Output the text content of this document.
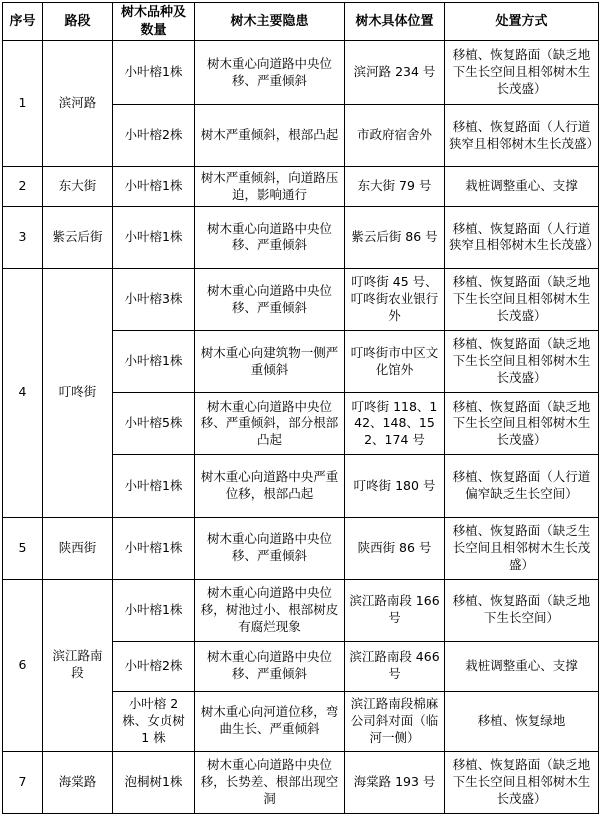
序号	路段	树木品种及数量	树木主要隐患	树木具体位置	处置方式
1	滨河路	小叶榕1株	树木重心向道路中央位移、严重倾斜	滨河路 234 号	移植、恢复路面（缺乏地下生长空间且相邻树木生长茂盛）
		小叶榕2株	树木严重倾斜，根部凸起	市政府宿舍外	移植、恢复路面（人行道狭窄且相邻树木生长茂盛）
2	东大街	小叶榕1株	树木严重倾斜，向道路压迫，影响通行	东大街 79 号	栽桩调整重心、支撑
3	紫云后街	小叶榕1株	树木重心向道路中央位移、严重倾斜	紫云后街 86 号	移植、恢复路面（人行道狭窄且相邻树木生长茂盛）
4	叮咚街	小叶榕3株	树木重心向道路中央位移、严重倾斜	叮咚街 45 号、叮咚街农业银行外	移植、恢复路面（缺乏地下生长空间且相邻树木生长茂盛）
		小叶榕1株	树木重心向建筑物一侧严重倾斜	叮咚街市中区文化馆外	移植、恢复路面（缺乏地下生长空间且相邻树木生长茂盛）
		小叶榕5株	树木重心向道路中央位移、严重倾斜，部分根部凸起	叮咚街 118、142、148、152、174 号	移植、恢复路面（缺乏地下生长空间且相邻树木生长茂盛）
		小叶榕1株	树木重心向道路中央严重位移，根部凸起	叮咚街 180 号	移植、恢复路面（人行道偏窄缺乏生长空间）
5	陕西街	小叶榕1株	树木重心向道路中央位移、严重倾斜	陕西街 86 号	移植、恢复路面（缺乏生长空间且相邻树木生长茂盛）
6	滨江路南段	小叶榕1株	树木重心向道路中央位移，树池过小、根部树皮有腐烂现象	滨江路南段 166 号	移植、恢复路面（缺乏地下生长空间）
		小叶榕2株	树木重心向道路中央位移、严重倾斜	滨江路南段 466 号	栽桩调整重心、支撑
		小叶榕 2 株、女贞树 1 株	树木重心向河道位移，弯曲生长、严重倾斜	滨江路南段棉麻公司斜对面（临河一侧）	移植、恢复绿地
7	海棠路	泡桐树1株	树木重心向道路中央位移，长势差、根部出现空洞	海棠路 193 号	移植、恢复路面（缺乏地下生长空间且相邻树木生长茂盛）
